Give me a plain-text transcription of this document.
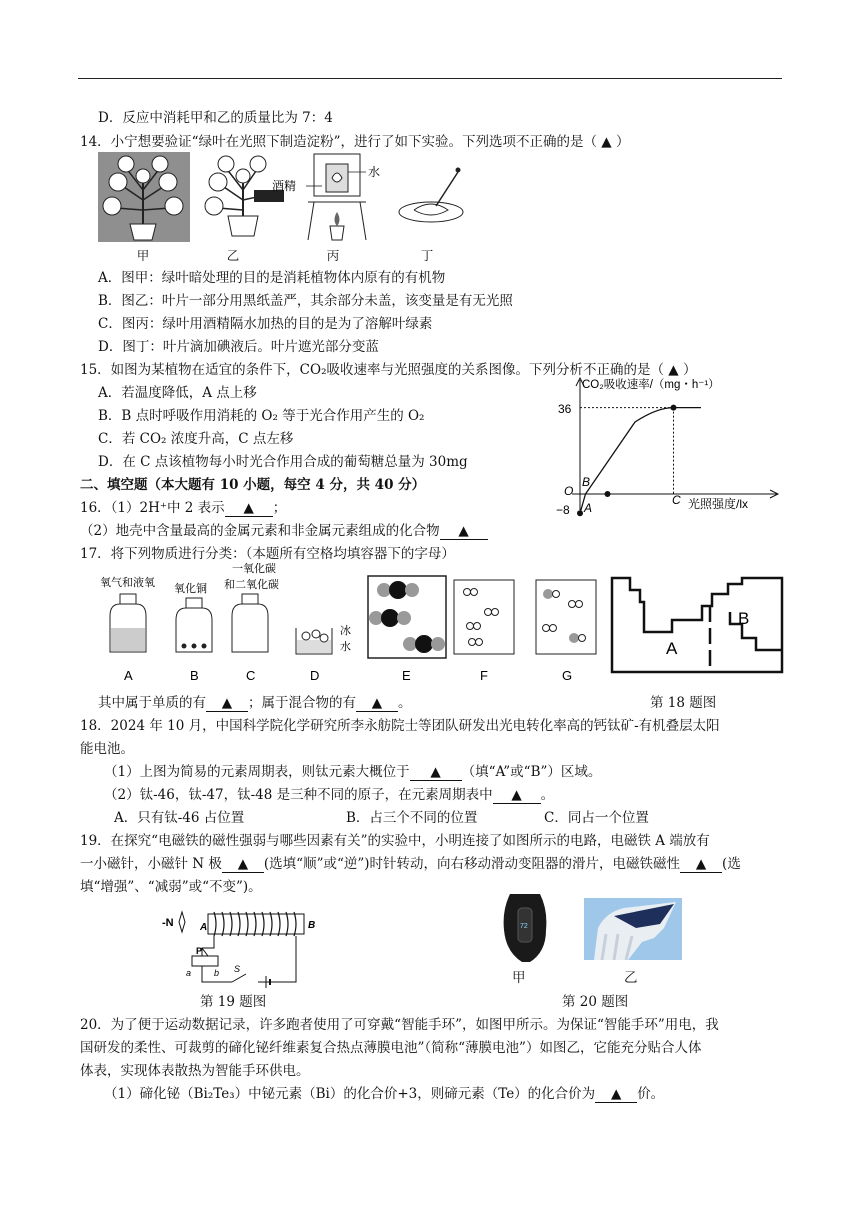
D．反应中消耗甲和乙的质量比为 7：4
14．小宁想要验证“绿叶在光照下制造淀粉”，进行了如下实验。下列选项不正确的是（ ▲ ）
酒精
水
甲	乙	丙	丁
A．图甲：绿叶暗处理的目的是消耗植物体内原有的有机物
B．图乙：叶片一部分用黑纸盖严，其余部分未盖，该变量是有无光照
C．图丙：绿叶用酒精隔水加热的目的是为了溶解叶绿素
D．图丁：叶片滴加碘液后。叶片遮光部分变蓝
15．如图为某植物在适宜的条件下，CO₂吸收速率与光照强度的关系图像。下列分析不正确的是（ ▲ ）
A．若温度降低，A 点上移
B．B 点时呼吸作用消耗的 O₂ 等于光合作用产生的 O₂
C．若 CO₂ 浓度升高，C 点左移
D．在 C 点该植物每小时光合作用合成的葡萄糖总量为 30mg
CO₂吸收速率/（mg・h⁻¹）
36
−8
O
A
B
C 光照强度/lx
二、填空题（本大题有 10 小题，每空 4 分，共 40 分）
16．（1）2H⁺中 2 表示 ▲ ；
（2）地壳中含量最高的金属元素和非金属元素组成的化合物 ▲
17．将下列物质进行分类：（本题所有空格均填容器下的字母）
氧气和液氧 氧化铜
一氧化碳
和二氧化碳
冰
水
A	B	C	D	E	F	G
A
B
其中属于单质的有 ▲ ；属于混合物的有 ▲ 。	第 18 题图
18．2024 年 10 月，中国科学院化学研究所李永舫院士等团队研发出光电转化率高的钙钛矿-有机叠层太阳
能电池。
（1）上图为简易的元素周期表，则钛元素大概位于 ▲ （填“A”或“B”）区域。
（2）钛-46，钛-47，钛-48 是三种不同的原子，在元素周期表中 ▲ 。
A．只有钛-46 占位置	B．占三个不同的位置	C．同占一个位置
19．在探究“电磁铁的磁性强弱与哪些因素有关”的实验中，小明连接了如图所示的电路，电磁铁 A 端放有
一小磁针，小磁针 N 极 ▲ (选填“顺”或“逆”)时针转动，向右移动滑动变阻器的滑片，电磁铁磁性 ▲ (选
填“增强”、“减弱”或“不变”)。
-N	A	B
P
a	b S
第 19 题图
72
甲	乙
第 20 题图
20．为了便于运动数据记录，许多跑者使用了可穿戴“智能手环”，如图甲所示。为保证“智能手环”用电，我
国研发的柔性、可裁剪的碲化铋纤维素复合热点薄膜电池”（简称“薄膜电池”）如图乙，它能充分贴合人体
体表，实现体表散热为智能手环供电。
（1）碲化铋（Bi₂Te₃）中铋元素（Bi）的化合价+3，则碲元素（Te）的化合价为 ▲ 价。
